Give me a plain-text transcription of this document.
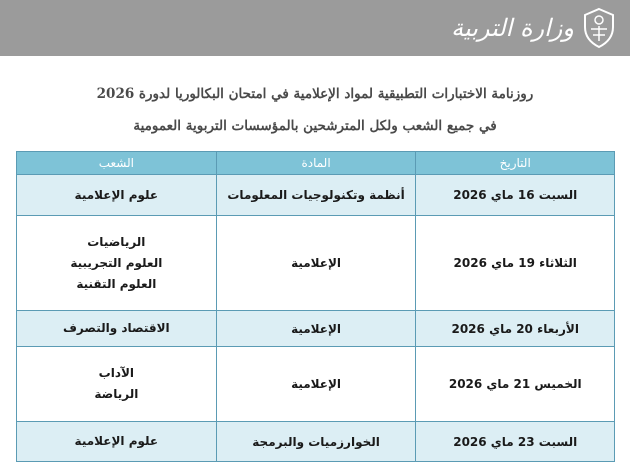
وزارة التربية
روزنامة الاختبارات التطبيقية لمواد الإعلامية في امتحان البكالوريا لدورة 2026
في جميع الشعب ولكل المترشحين بالمؤسسات التربوية العمومية
التاريخ	المادة	الشعب
السبت 16 ماي 2026	أنظمة وتكنولوجيات المعلومات	علوم الإعلامية

الثلاثاء 19 ماي 2026	الإعلامية	الرياضيات
العلوم التجريبية
العلوم التقنية

الأربعاء 20 ماي 2026	الإعلامية	الاقتصاد والتصرف

الخميس 21 ماي 2026	الإعلامية	الآداب
الرياضة

السبت 23 ماي 2026	الخوارزميات والبرمجة	علوم الإعلامية
